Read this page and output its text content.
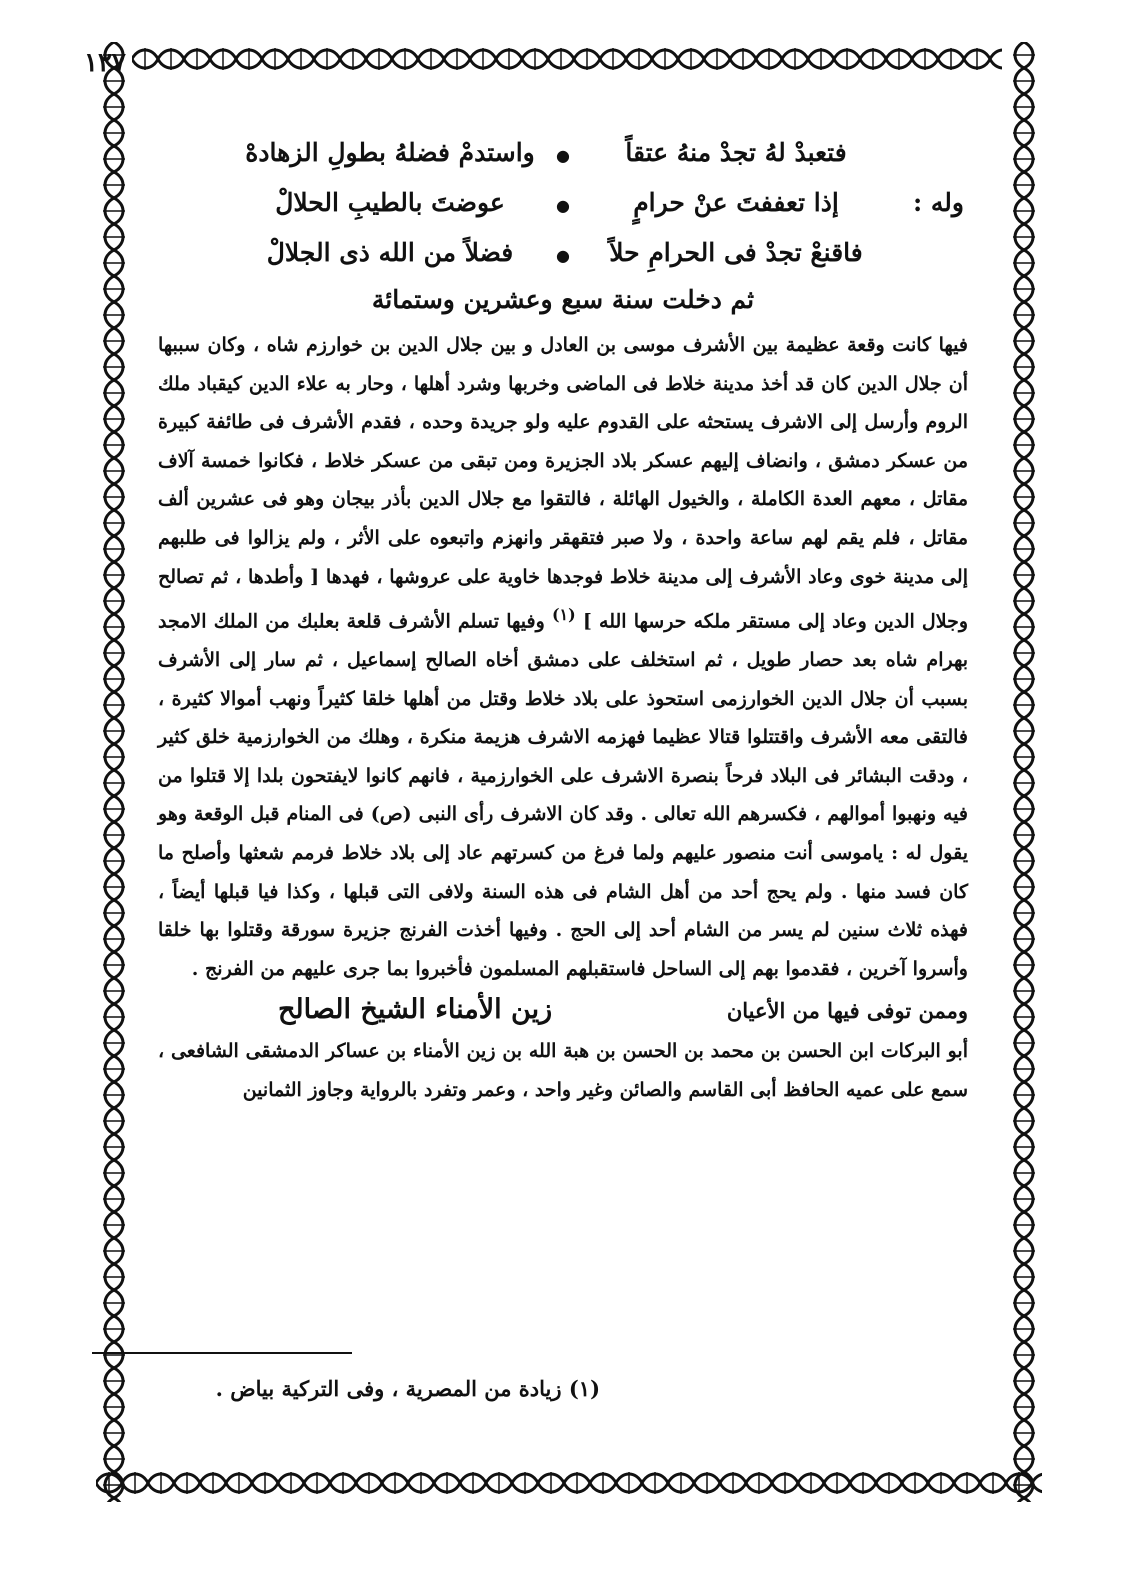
١٢٧
فتعبدْ لهُ تجدْ منهُ عتقاً
●
واستدمْ فضلهُ بطولِ الزهادهْ
وله :
إذا تعففتَ عنْ حرامٍ
●
عوضتَ بالطيبِ الحلالْ
فاقنعْ تجدْ فى الحرامِ حلاً
●
فضلاً من الله ذى الجلالْ
ثم دخلت سنة سبع وعشرين وستمائة

فيها كانت وقعة عظيمة بين الأشرف موسى بن العادل و بين جلال الدين بن خوارزم شاه ، وكان سببها أن جلال الدين كان قد أخذ مدينة خلاط فى الماضى وخربها وشرد أهلها ، وحار به علاء الدين كيقباد ملك الروم وأرسل إلى الاشرف يستحثه على القدوم عليه ولو جريدة وحده ، فقدم الأشرف فى طائفة كبيرة من عسكر دمشق ، وانضاف إليهم عسكر بلاد الجزيرة ومن تبقى من عسكر خلاط ، فكانوا خمسة آلاف مقاتل ، معهم العدة الكاملة ، والخيول الهائلة ، فالتقوا مع جلال الدين بأذر بيجان وهو فى عشرين ألف مقاتل ، فلم يقم لهم ساعة واحدة ، ولا صبر فتقهقر وانهزم واتبعوه على الأثر ، ولم يزالوا فى طلبهم إلى مدينة خوى وعاد الأشرف إلى مدينة خلاط فوجدها خاوية على عروشها ، فهدها [ وأطدها ، ثم تصالح وجلال الدين وعاد إلى مستقر ملكه حرسها الله ] $^{(١)}$ وفيها تسلم الأشرف قلعة بعلبك من الملك الامجد بهرام شاه بعد حصار طويل ، ثم استخلف على دمشق أخاه الصالح إسماعيل ، ثم سار إلى الأشرف بسبب أن جلال الدين الخوارزمى استحوذ على بلاد خلاط وقتل من أهلها خلقا كثيراً ونهب أموالا كثيرة ، فالتقى معه الأشرف واقتتلوا قتالا عظيما فهزمه الاشرف هزيمة منكرة ، وهلك من الخوارزمية خلق كثير ، ودقت البشائر فى البلاد فرحاً بنصرة الاشرف على الخوارزمية ، فانهم كانوا لايفتحون بلدا إلا قتلوا من فيه ونهبوا أموالهم ، فكسرهم الله تعالى . وقد كان الاشرف رأى النبى (ص) فى المنام قبل الوقعة وهو يقول له : ياموسى أنت منصور عليهم ولما فرغ من كسرتهم عاد إلى بلاد خلاط فرمم شعثها وأصلح ما كان فسد منها . ولم يحج أحد من أهل الشام فى هذه السنة ولافى التى قبلها ، وكذا فيا قبلها أيضاً ، فهذه ثلاث سنين لم يسر من الشام أحد إلى الحج . وفيها أخذت الفرنج جزيرة سورقة وقتلوا بها خلقا وأسروا آخرين ، فقدموا بهم إلى الساحل فاستقبلهم المسلمون فأخبروا بما جرى عليهم من الفرنج .

وممن توفى فيها من الأعيان
زين الأمناء الشيخ الصالح
أبو البركات ابن الحسن بن محمد بن الحسن بن هبة الله بن زين الأمناء بن عساكر الدمشقى الشافعى ، سمع على عميه الحافظ أبى القاسم والصائن وغير واحد ، وعمر وتفرد بالرواية وجاوز الثمانين
(١) زيادة من المصرية ، وفى التركية بياض .
